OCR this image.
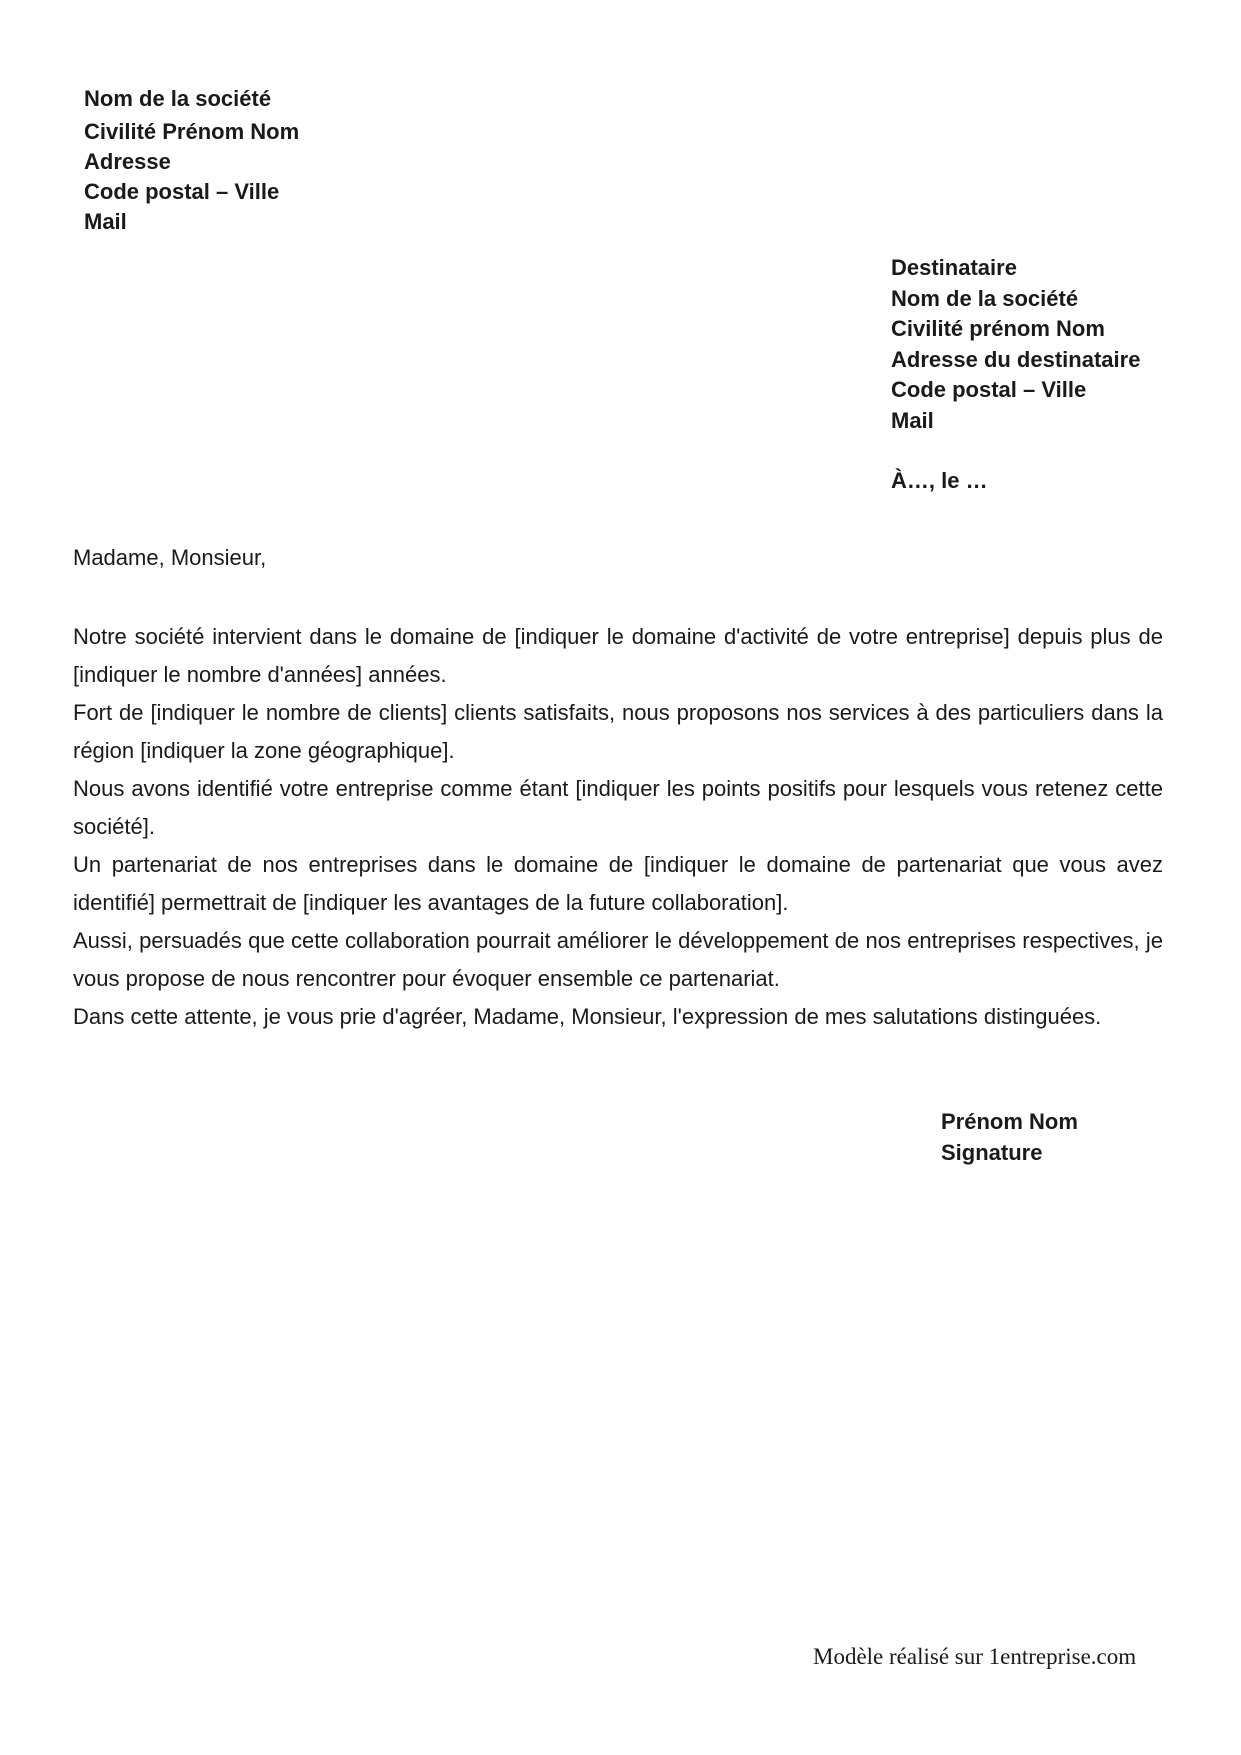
Nom de la société
Civilité Prénom Nom
Adresse
Code postal – Ville
Mail
Destinataire
Nom de la société
Civilité prénom Nom
Adresse du destinataire
Code postal – Ville
Mail
À…, le …
Madame, Monsieur,

Notre société intervient dans le domaine de [indiquer le domaine d'activité de votre entreprise] depuis plus de [indiquer le nombre d'années] années.

Fort de [indiquer le nombre de clients] clients satisfaits, nous proposons nos services à des particuliers dans la région [indiquer la zone géographique].

Nous avons identifié votre entreprise comme étant [indiquer les points positifs pour lesquels vous retenez cette société].

Un partenariat de nos entreprises dans le domaine de [indiquer le domaine de partenariat que vous avez identifié] permettrait de [indiquer les avantages de la future collaboration].

Aussi, persuadés que cette collaboration pourrait améliorer le développement de nos entreprises respectives, je vous propose de nous rencontrer pour évoquer ensemble ce partenariat.

Dans cette attente, je vous prie d'agréer, Madame, Monsieur, l'expression de mes salutations distinguées.

Prénom Nom
Signature
Modèle réalisé sur 1entreprise.com
